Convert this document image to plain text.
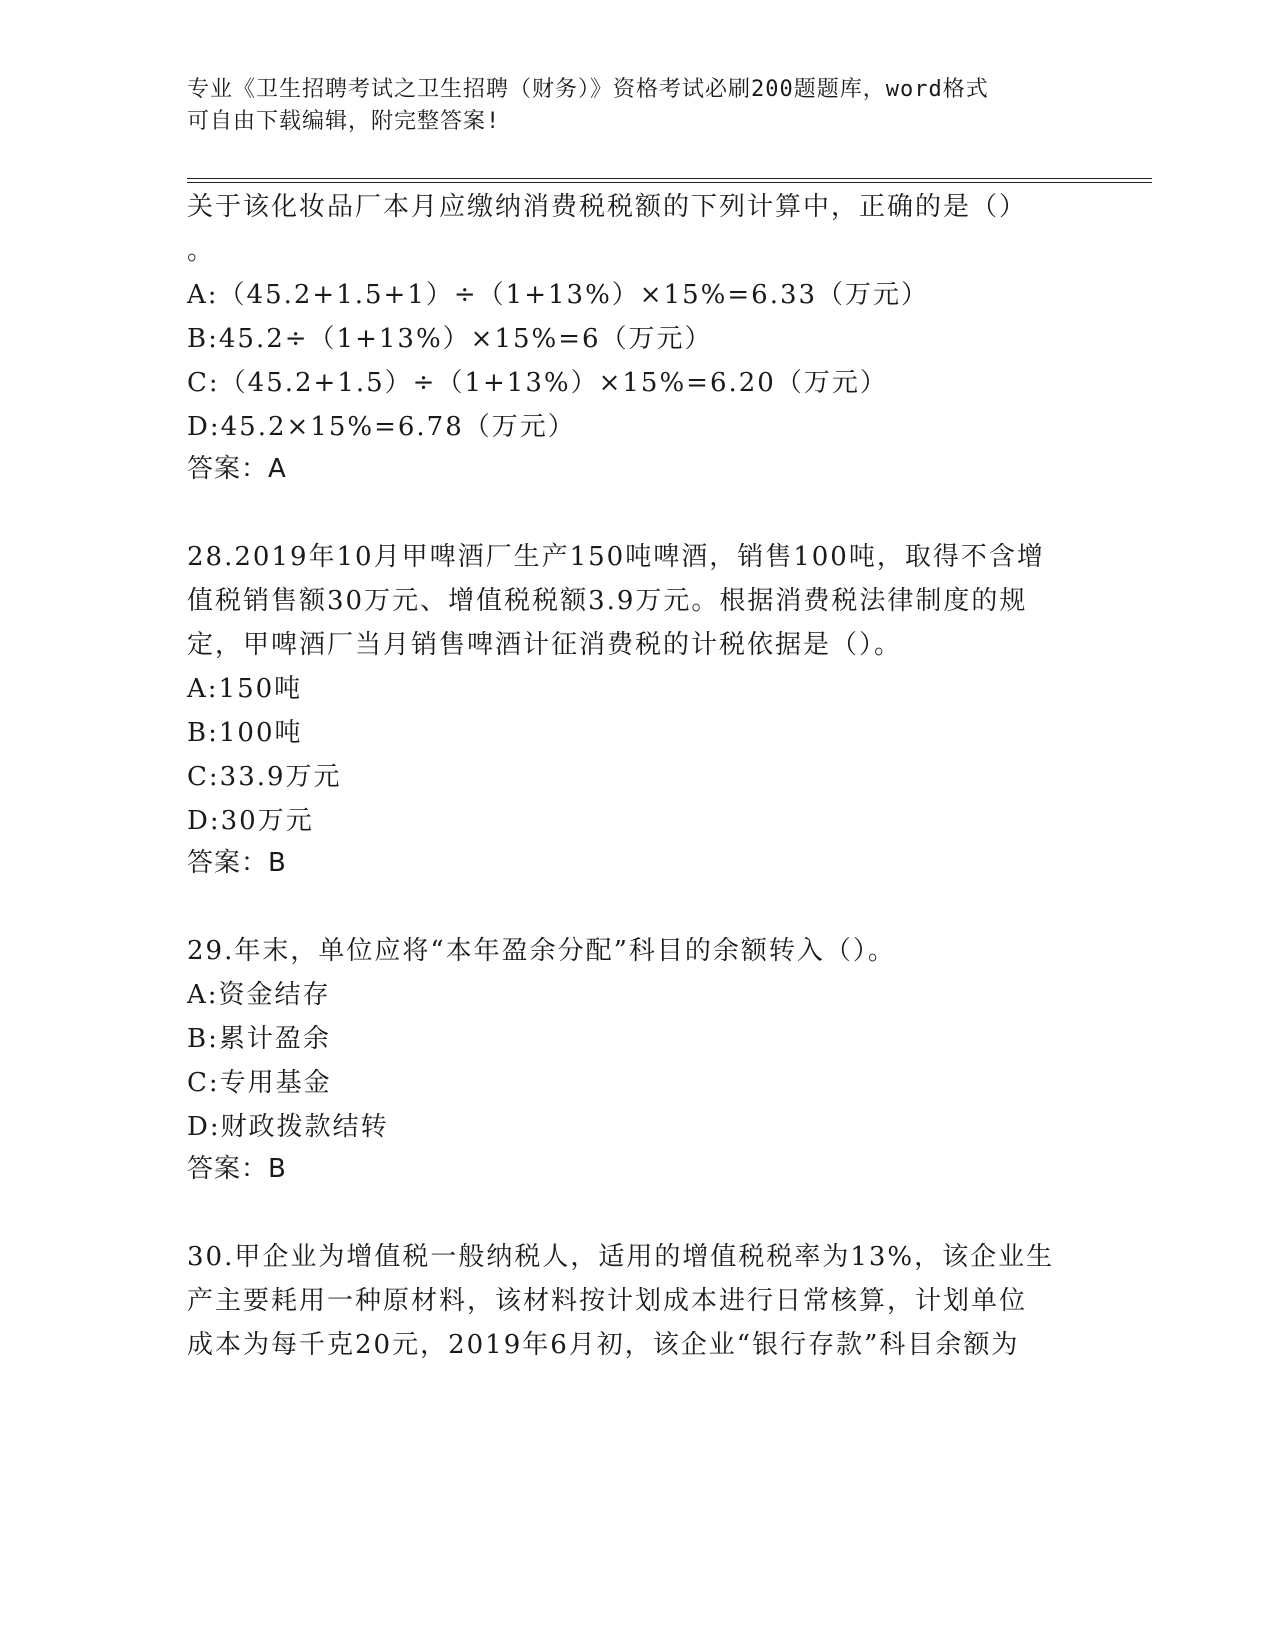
专业《卫生招聘考试之卫生招聘（财务）》资格考试必刷200题题库，word格式
可自由下载编辑，附完整答案!
关于该化妆品厂本月应缴纳消费税税额的下列计算中，正确的是（）
。
A:（45.2+1.5+1）÷（1+13%）×15%=6.33（万元）
B:45.2÷（1+13%）×15%=6（万元）
C:（45.2+1.5）÷（1+13%）×15%=6.20（万元）
D:45.2×15%=6.78（万元）
答案：A
28.2019年10月甲啤酒厂生产150吨啤酒，销售100吨，取得不含增
值税销售额30万元、增值税税额3.9万元。根据消费税法律制度的规
定，甲啤酒厂当月销售啤酒计征消费税的计税依据是（）。
A:150吨
B:100吨
C:33.9万元
D:30万元
答案：B
29.年末，单位应将“本年盈余分配”科目的余额转入（）。
A:资金结存
B:累计盈余
C:专用基金
D:财政拨款结转
答案：B
30.甲企业为增值税一般纳税人，适用的增值税税率为13%，该企业生
产主要耗用一种原材料，该材料按计划成本进行日常核算，计划单位
成本为每千克20元，2019年6月初，该企业“银行存款”科目余额为
